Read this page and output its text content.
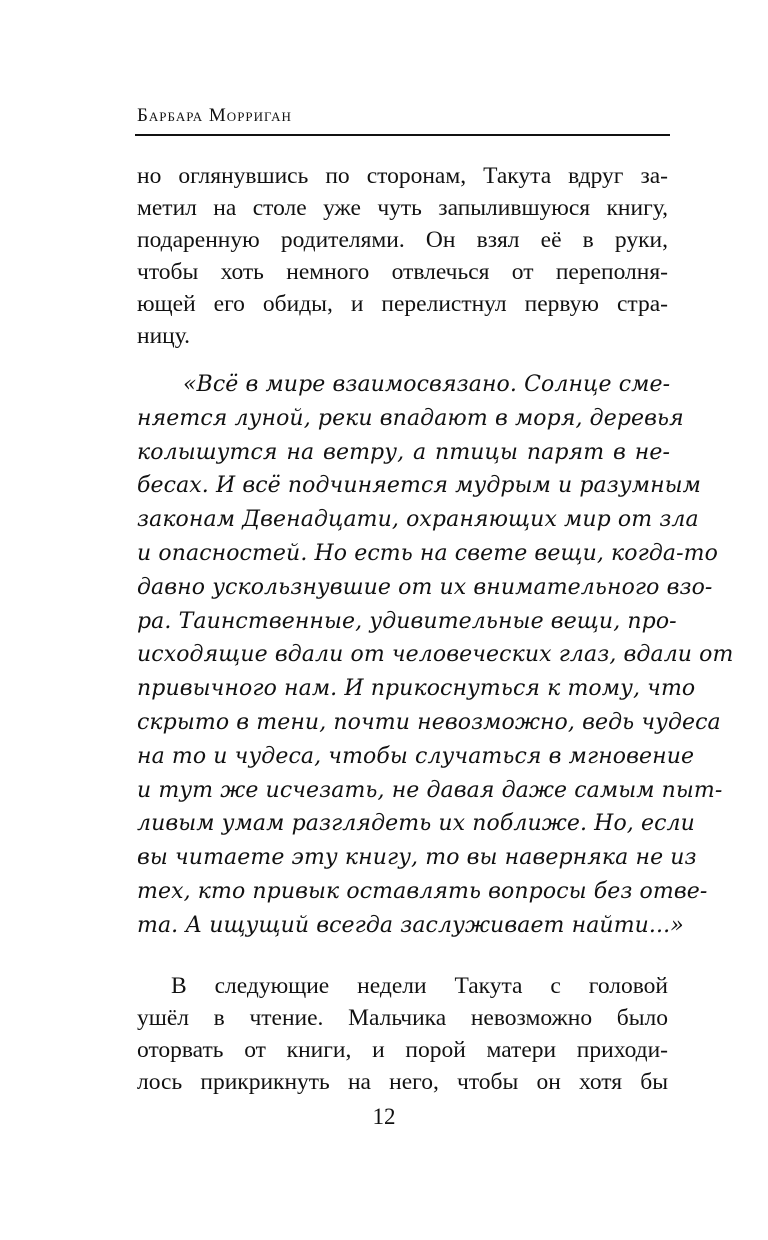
Барбара Морриган
но оглянувшись по сторонам, Такута вдруг за-
метил на столе уже чуть запылившуюся книгу,
подаренную родителями. Он взял её в руки,
чтобы хоть немного отвлечься от переполня-
ющей его обиды, и перелистнул первую стра-
ницу.
«Всё в мире взаимосвязано. Солнце сме-
няется луной, реки впадают в моря, деревья
колышутся на ветру, а птицы парят в не-
бесах. И всё подчиняется мудрым и разумным
законам Двенадцати, охраняющих мир от зла
и опасностей. Но есть на свете вещи, когда-то
давно ускользнувшие от их внимательного взо-
ра. Таинственные, удивительные вещи, про-
исходящие вдали от человеческих глаз, вдали от
привычного нам. И прикоснуться к тому, что
скрыто в тени, почти невозможно, ведь чудеса
на то и чудеса, чтобы случаться в мгновение
и тут же исчезать, не давая даже самым пыт-
ливым умам разглядеть их поближе. Но, если
вы читаете эту книгу, то вы наверняка не из
тех, кто привык оставлять вопросы без отве-
та. А ищущий всегда заслуживает найти...»
В следующие недели Такута с головой
ушёл в чтение. Мальчика невозможно было
оторвать от книги, и порой матери приходи-
лось прикрикнуть на него, чтобы он хотя бы
12
